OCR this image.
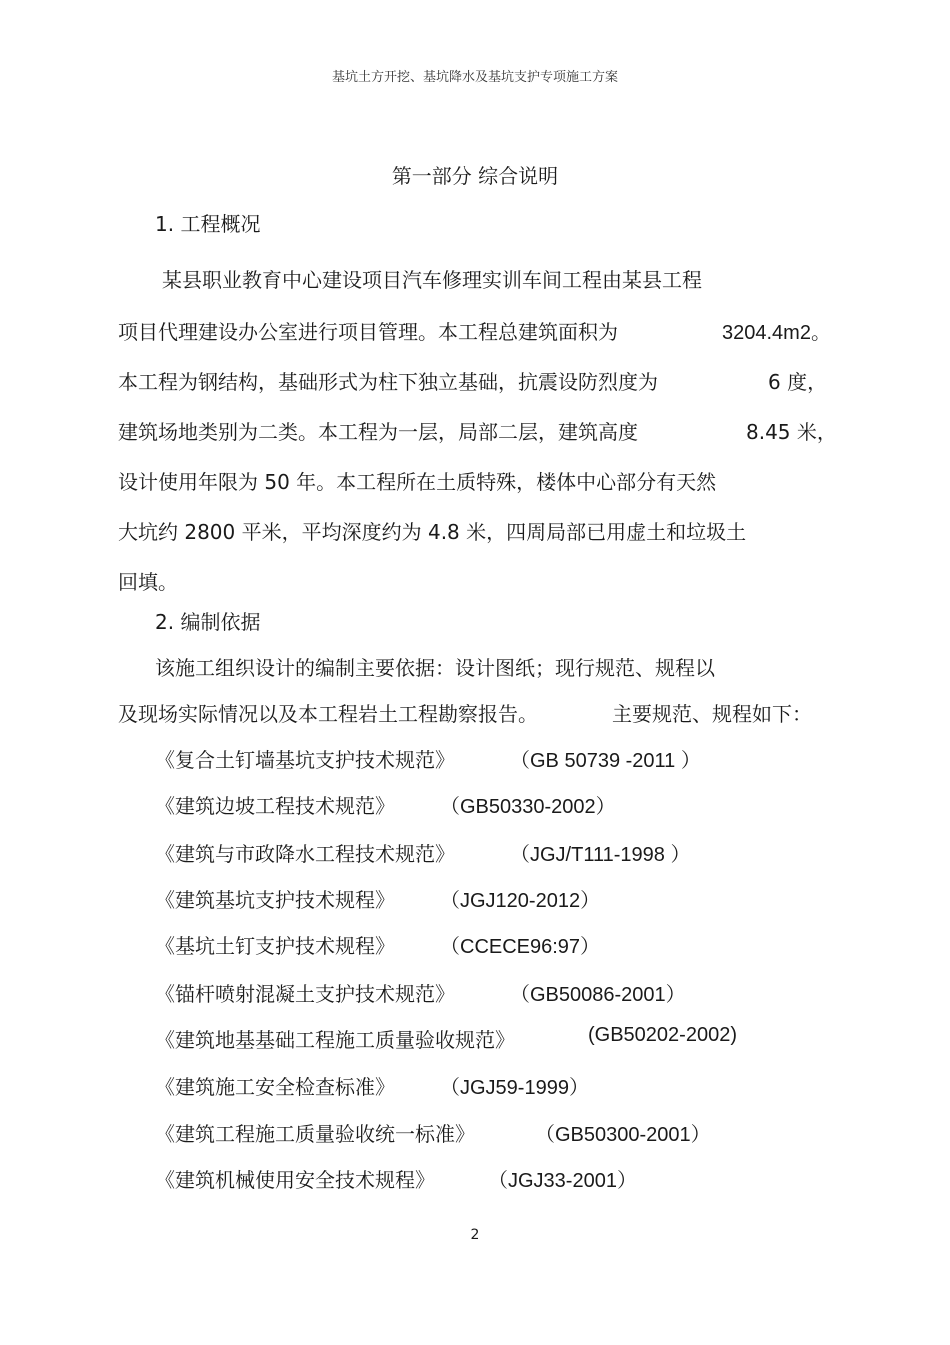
基坑土方开挖、基坑降水及基坑支护专项施工方案
第一部分 综合说明
1. 工程概况
某县职业教育中心建设项目汽车修理实训车间工程由某县工程
项目代理建设办公室进行项目管理。本工程总建筑面积为	3204.4m2。
本工程为钢结构，基础形式为柱下独立基础，抗震设防烈度为	6 度，
建筑场地类别为二类。本工程为一层，局部二层，建筑高度	8.45 米，
设计使用年限为 50 年。本工程所在土质特殊，楼体中心部分有天然
大坑约 2800 平米，平均深度约为 4.8 米，四周局部已用虚土和垃圾土
回填。
2. 编制依据
该施工组织设计的编制主要依据：设计图纸；现行规范、规程以
及现场实际情况以及本工程岩土工程勘察报告。	主要规范、规程如下：
《复合土钉墙基坑支护技术规范》	（GB 50739 -2011 ）
《建筑边坡工程技术规范》 （GB50330-2002）
《建筑与市政降水工程技术规范》	（JGJ/T111-1998 ）
《建筑基坑支护技术规程》 （JGJ120-2012）
《基坑土钉支护技术规程》 （CCECE96:97）
《锚杆喷射混凝土支护技术规范》	（GB50086-2001）
《建筑地基基础工程施工质量验收规范》	(GB50202-2002)
《建筑施工安全检查标准》 （JGJ59-1999）
《建筑工程施工质量验收统一标准》	（GB50300-2001）
《建筑机械使用安全技术规程》	（JGJ33-2001）
2
